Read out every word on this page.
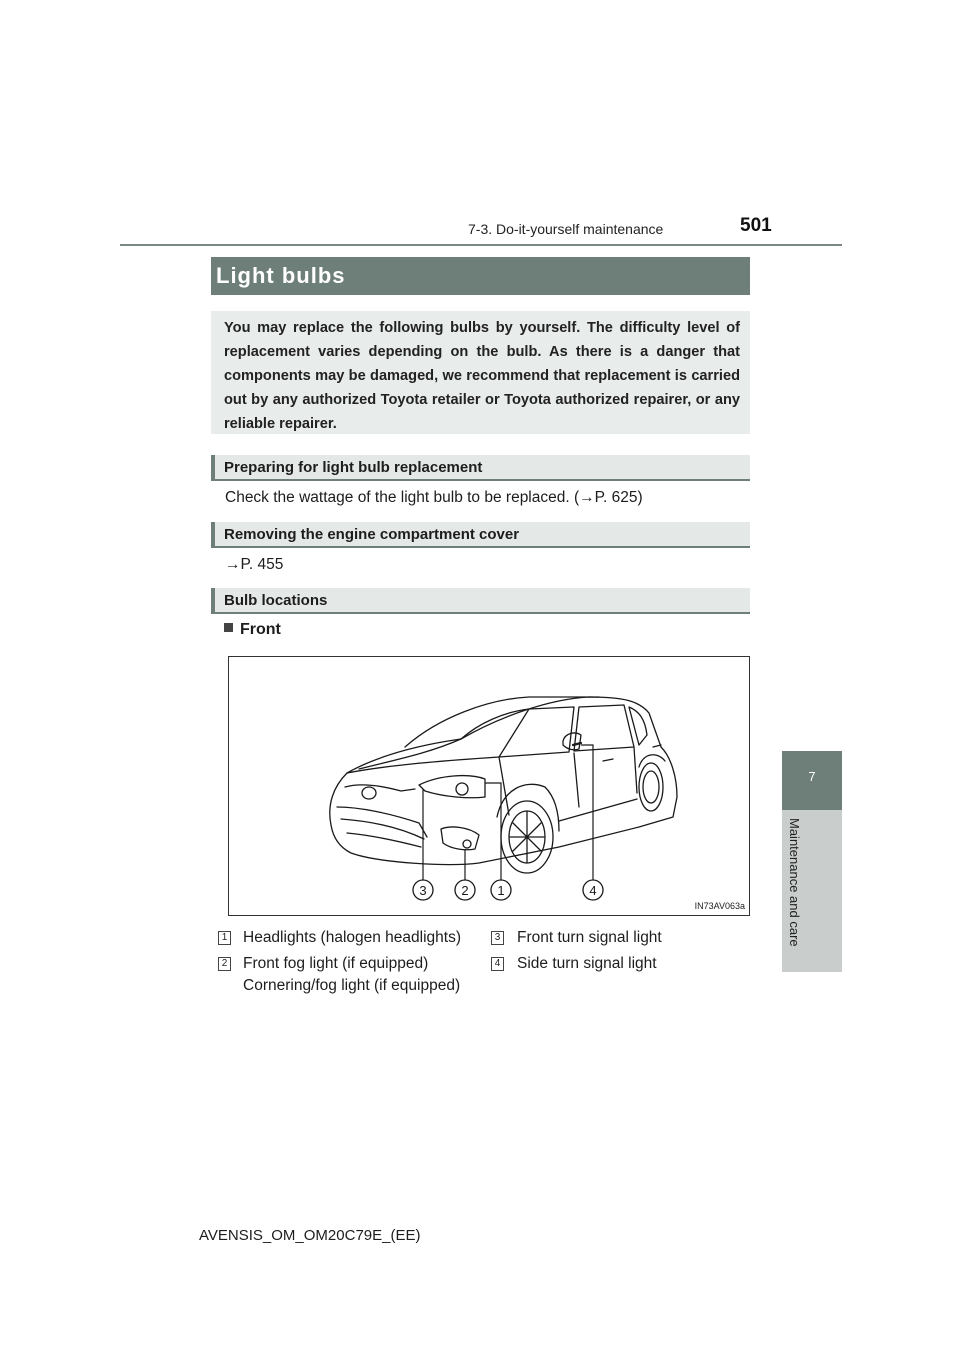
7-3. Do-it-yourself maintenance	501
7
Maintenance and care
Light bulbs

You may replace the following bulbs by yourself. The difficulty level of replacement varies depending on the bulb. As there is a danger that components may be damaged, we recommend that replacement is carried out by any authorized Toyota retailer or Toyota authorized repairer, or any reliable repairer.

Preparing for light bulb replacement
Check the wattage of the light bulb to be replaced. (→P. 625)
Removing the engine compartment cover
→P. 455
Bulb locations
Front
3	2 1	4
IN73AV063a
1 Headlights (halogen headlights)
2 Front fog light (if equipped)
Cornering/fog light (if equipped)
3 Front turn signal light
4 Side turn signal light
AVENSIS_OM_OM20C79E_(EE)
